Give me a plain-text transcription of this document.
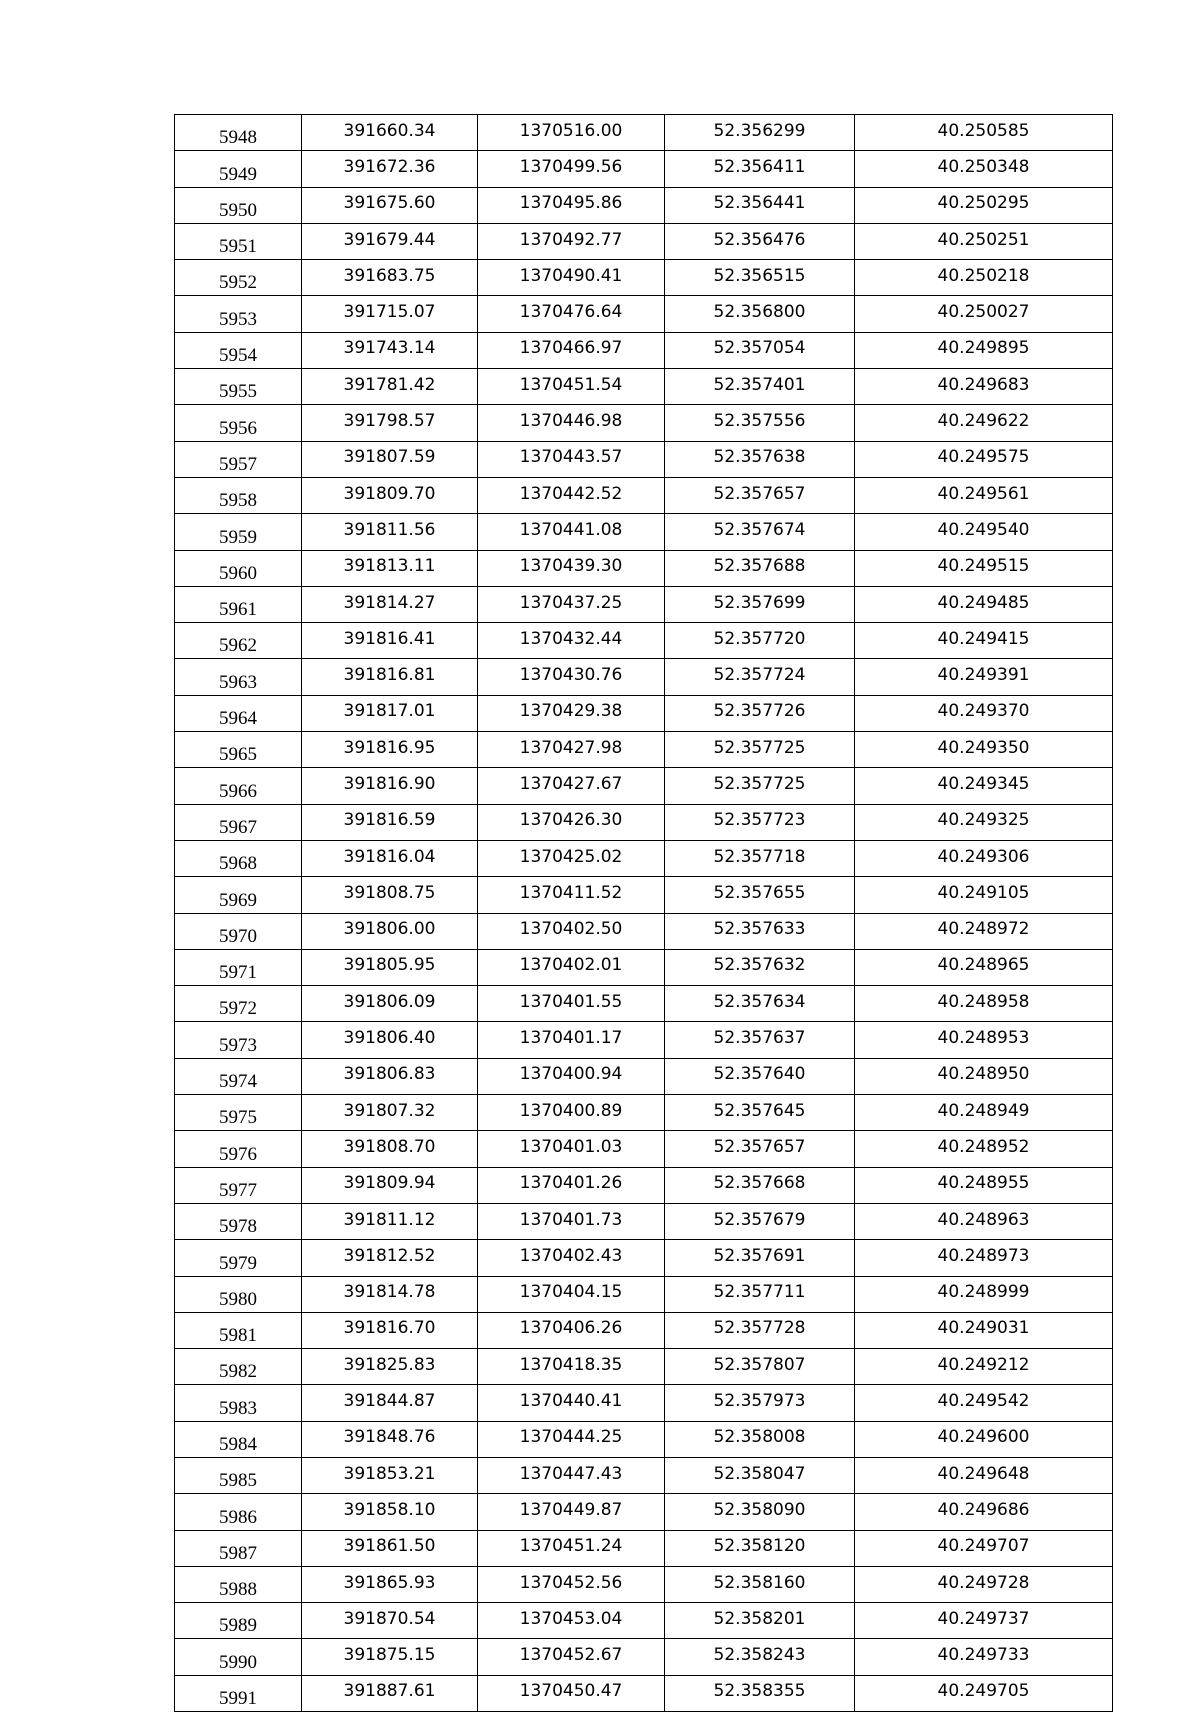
5948	391660.34	1370516.00	52.356299	40.250585
5949	391672.36	1370499.56	52.356411	40.250348
5950	391675.60	1370495.86	52.356441	40.250295
5951	391679.44	1370492.77	52.356476	40.250251
5952	391683.75	1370490.41	52.356515	40.250218
5953	391715.07	1370476.64	52.356800	40.250027
5954	391743.14	1370466.97	52.357054	40.249895
5955	391781.42	1370451.54	52.357401	40.249683
5956	391798.57	1370446.98	52.357556	40.249622
5957	391807.59	1370443.57	52.357638	40.249575
5958	391809.70	1370442.52	52.357657	40.249561
5959	391811.56	1370441.08	52.357674	40.249540
5960	391813.11	1370439.30	52.357688	40.249515
5961	391814.27	1370437.25	52.357699	40.249485
5962	391816.41	1370432.44	52.357720	40.249415
5963	391816.81	1370430.76	52.357724	40.249391
5964	391817.01	1370429.38	52.357726	40.249370
5965	391816.95	1370427.98	52.357725	40.249350
5966	391816.90	1370427.67	52.357725	40.249345
5967	391816.59	1370426.30	52.357723	40.249325
5968	391816.04	1370425.02	52.357718	40.249306
5969	391808.75	1370411.52	52.357655	40.249105
5970	391806.00	1370402.50	52.357633	40.248972
5971	391805.95	1370402.01	52.357632	40.248965
5972	391806.09	1370401.55	52.357634	40.248958
5973	391806.40	1370401.17	52.357637	40.248953
5974	391806.83	1370400.94	52.357640	40.248950
5975	391807.32	1370400.89	52.357645	40.248949
5976	391808.70	1370401.03	52.357657	40.248952
5977	391809.94	1370401.26	52.357668	40.248955
5978	391811.12	1370401.73	52.357679	40.248963
5979	391812.52	1370402.43	52.357691	40.248973
5980	391814.78	1370404.15	52.357711	40.248999
5981	391816.70	1370406.26	52.357728	40.249031
5982	391825.83	1370418.35	52.357807	40.249212
5983	391844.87	1370440.41	52.357973	40.249542
5984	391848.76	1370444.25	52.358008	40.249600
5985	391853.21	1370447.43	52.358047	40.249648
5986	391858.10	1370449.87	52.358090	40.249686
5987	391861.50	1370451.24	52.358120	40.249707
5988	391865.93	1370452.56	52.358160	40.249728
5989	391870.54	1370453.04	52.358201	40.249737
5990	391875.15	1370452.67	52.358243	40.249733
5991	391887.61	1370450.47	52.358355	40.249705
